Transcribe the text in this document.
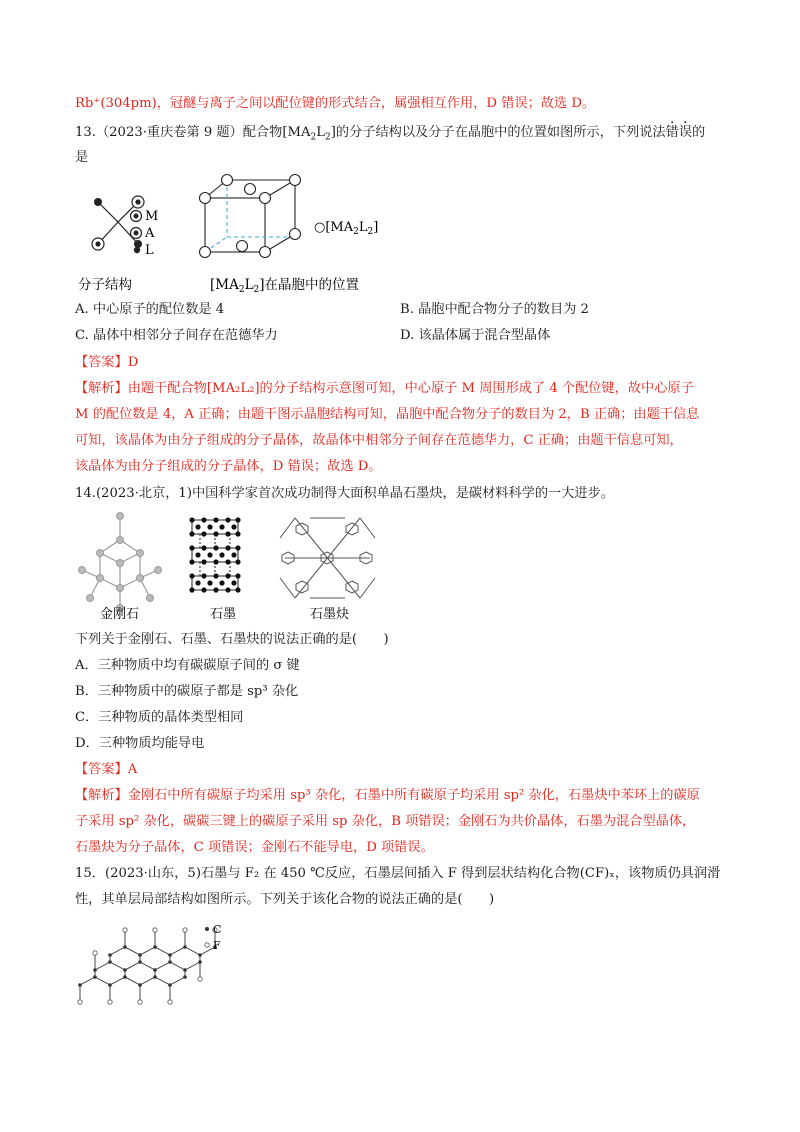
Rb⁺(304pm)，冠醚与离子之间以配位键的形式结合，属强相互作用，D 错误；故选 D。
13.（2023·重庆卷第 9 题）配合物$[MA_2L_2]$的分子结构以及分子在晶胞中的位置如图所示，下列说法错误的
是
M
A
L
分子结构
$○[MA_2L_2]$
$[MA_2L_2]$在晶胞中的位置
A. 中心原子的配位数是 4	B. 晶胞中配合物分子的数目为 2
C. 晶体中相邻分子间存在范德华力	D. 该晶体属于混合型晶体
【答案】D
【解析】由题干配合物[MA₂L₂]的分子结构示意图可知，中心原子 M 周围形成了 4 个配位键，故中心原子
M 的配位数是 4，A 正确；由题干图示晶胞结构可知，晶胞中配合物分子的数目为 2，B 正确；由题干信息
可知，该晶体为由分子组成的分子晶体，故晶体中相邻分子间存在范德华力，C 正确；由题干信息可知，
该晶体为由分子组成的分子晶体，D 错误；故选 D。
14.(2023·北京，1)中国科学家首次成功制得大面积单晶石墨炔，是碳材料科学的一大进步。
金刚石	石墨	石墨炔
下列关于金刚石、石墨、石墨炔的说法正确的是(　　)
A．三种物质中均有碳碳原子间的 σ 键
B．三种物质中的碳原子都是 sp³ 杂化
C．三种物质的晶体类型相同
D．三种物质均能导电
【答案】A
【解析】金刚石中所有碳原子均采用 sp³ 杂化，石墨中所有碳原子均采用 sp² 杂化，石墨炔中苯环上的碳原
子采用 sp² 杂化，碳碳三键上的碳原子采用 sp 杂化，B 项错误；金刚石为共价晶体，石墨为混合型晶体，
石墨炔为分子晶体，C 项错误；金刚石不能导电，D 项错误。
15．(2023·山东，5)石墨与 F₂ 在 450 ℃反应，石墨层间插入 F 得到层状结构化合物(CF)ₓ，该物质仍具润滑
性，其单层局部结构如图所示。下列关于该化合物的说法正确的是(　　)
C
F
